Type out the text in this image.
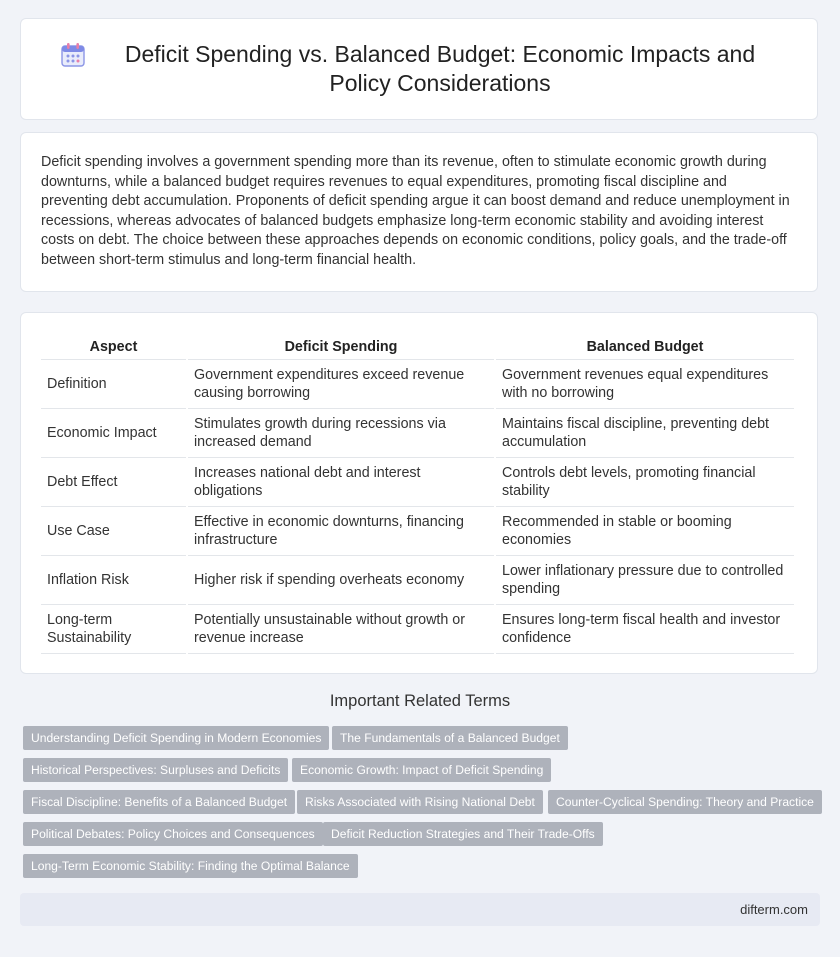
Deficit Spending vs. Balanced Budget: Economic Impacts and Policy Considerations

Deficit spending involves a government spending more than its revenue, often to stimulate economic growth during downturns, while a balanced budget requires revenues to equal expenditures, promoting fiscal discipline and preventing debt accumulation. Proponents of deficit spending argue it can boost demand and reduce unemployment in recessions, whereas advocates of balanced budgets emphasize long-term economic stability and avoiding interest costs on debt. The choice between these approaches depends on economic conditions, policy goals, and the trade-off between short-term stimulus and long-term financial health.

Aspect	Deficit Spending	Balanced Budget
Definition	Government expenditures exceed revenue causing borrowing	Government revenues equal expenditures with no borrowing
Economic Impact	Stimulates growth during recessions via increased demand	Maintains fiscal discipline, preventing debt accumulation
Debt Effect	Increases national debt and interest obligations	Controls debt levels, promoting financial stability
Use Case	Effective in economic downturns, financing infrastructure	Recommended in stable or booming economies
Inflation Risk	Higher risk if spending overheats economy	Lower inflationary pressure due to controlled spending
Long-term Sustainability	Potentially unsustainable without growth or revenue increase	Ensures long-term fiscal health and investor confidence
Important Related Terms
Understanding Deficit Spending in Modern Economies	The Fundamentals of a Balanced Budget
Historical Perspectives: Surpluses and Deficits	Economic Growth: Impact of Deficit Spending
Fiscal Discipline: Benefits of a Balanced Budget	Risks Associated with Rising National Debt	Counter-Cyclical Spending: Theory and Practice
Political Debates: Policy Choices and Consequences	Deficit Reduction Strategies and Their Trade-Offs
Long-Term Economic Stability: Finding the Optimal Balance
difterm.com
